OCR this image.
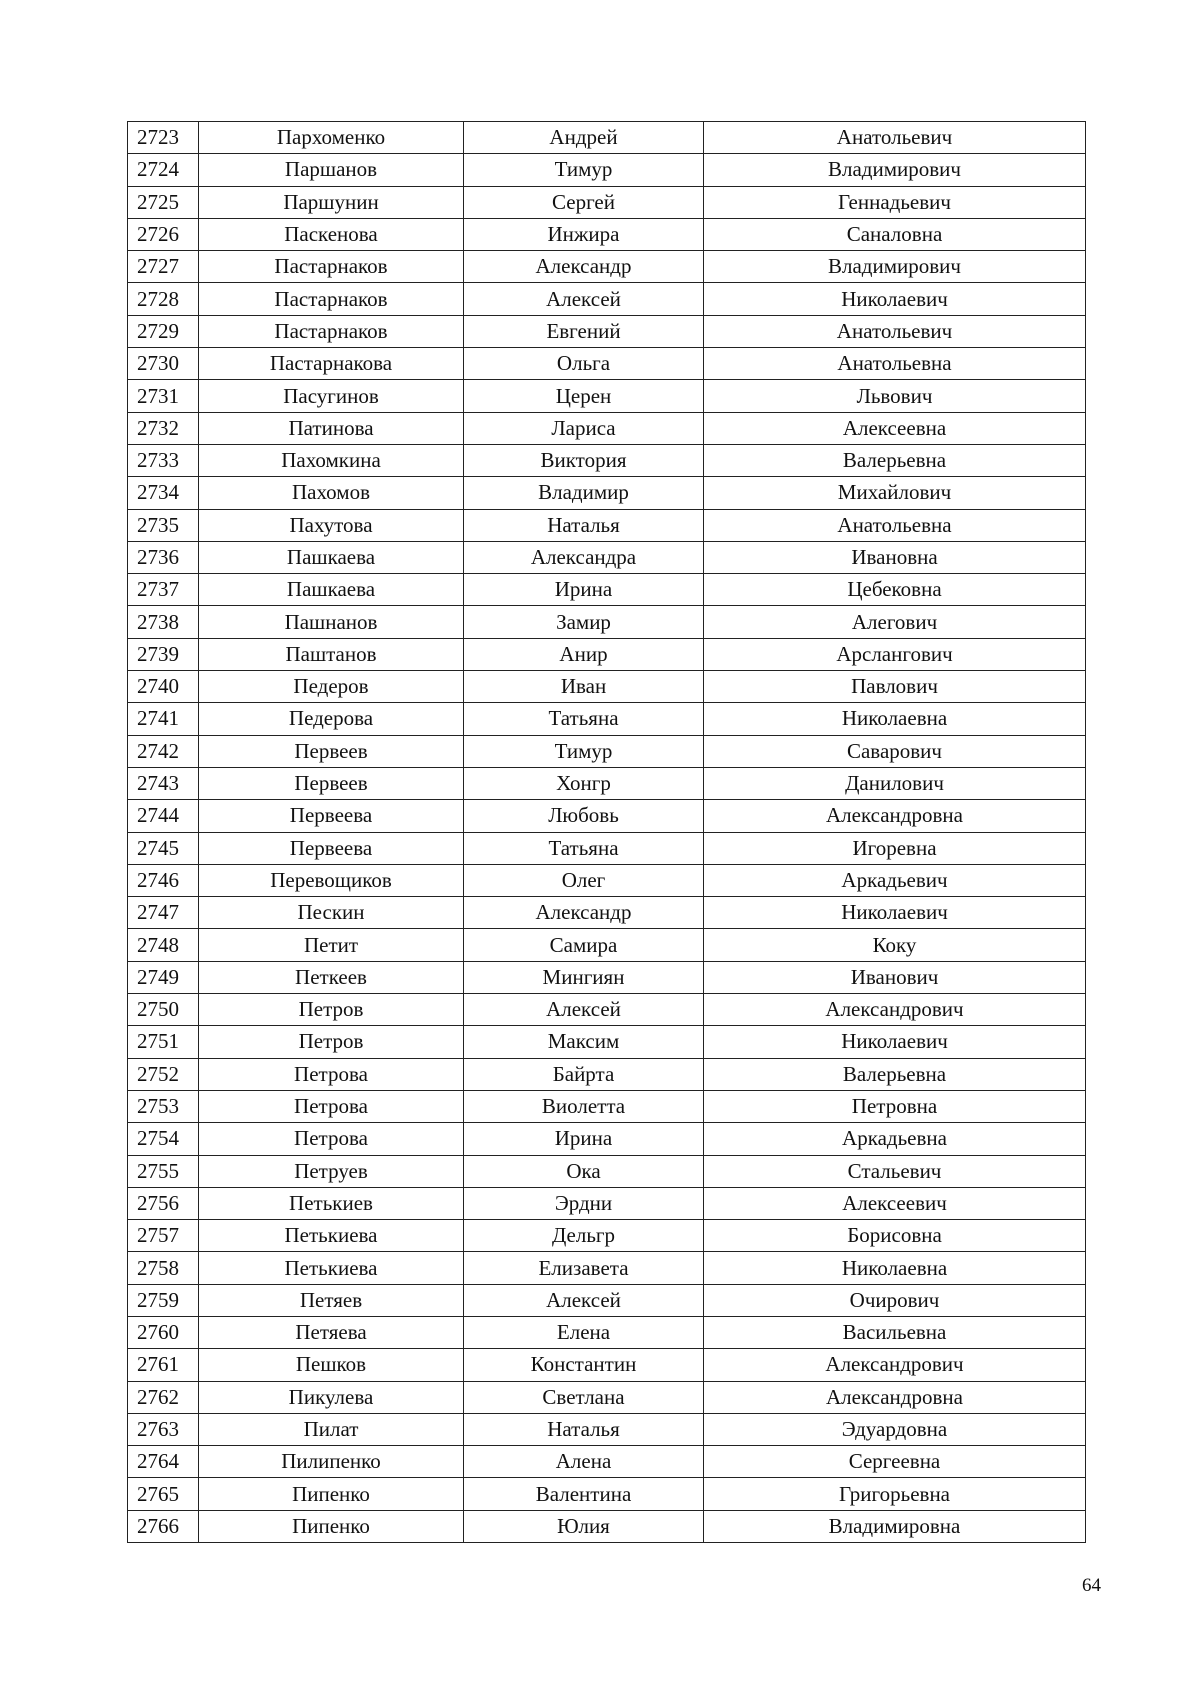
2723	Пархоменко	Андрей	Анатольевич
2724	Паршанов	Тимур	Владимирович
2725	Паршунин	Сергей	Геннадьевич
2726	Паскенова	Инжира	Саналовна
2727	Пастарнаков	Александр	Владимирович
2728	Пастарнаков	Алексей	Николаевич
2729	Пастарнаков	Евгений	Анатольевич
2730	Пастарнакова	Ольга	Анатольевна
2731	Пасугинов	Церен	Львович
2732	Патинова	Лариса	Алексеевна
2733	Пахомкина	Виктория	Валерьевна
2734	Пахомов	Владимир	Михайлович
2735	Пахутова	Наталья	Анатольевна
2736	Пашкаева	Александра	Ивановна
2737	Пашкаева	Ирина	Цебековна
2738	Пашнанов	Замир	Алегович
2739	Паштанов	Анир	Арслангович
2740	Педеров	Иван	Павлович
2741	Педерова	Татьяна	Николаевна
2742	Первеев	Тимур	Саварович
2743	Первеев	Хонгр	Данилович
2744	Первеева	Любовь	Александровна
2745	Первеева	Татьяна	Игоревна
2746	Перевощиков	Олег	Аркадьевич
2747	Пескин	Александр	Николаевич
2748	Петит	Самира	Коку
2749	Петкеев	Мингиян	Иванович
2750	Петров	Алексей	Александрович
2751	Петров	Максим	Николаевич
2752	Петрова	Байрта	Валерьевна
2753	Петрова	Виолетта	Петровна
2754	Петрова	Ирина	Аркадьевна
2755	Петруев	Ока	Стальевич
2756	Петькиев	Эрдни	Алексеевич
2757	Петькиева	Дельгр	Борисовна
2758	Петькиева	Елизавета	Николаевна
2759	Петяев	Алексей	Очирович
2760	Петяева	Елена	Васильевна
2761	Пешков	Константин	Александрович
2762	Пикулева	Светлана	Александровна
2763	Пилат	Наталья	Эдуардовна
2764	Пилипенко	Алена	Сергеевна
2765	Пипенко	Валентина	Григорьевна
2766	Пипенко	Юлия	Владимировна
64
